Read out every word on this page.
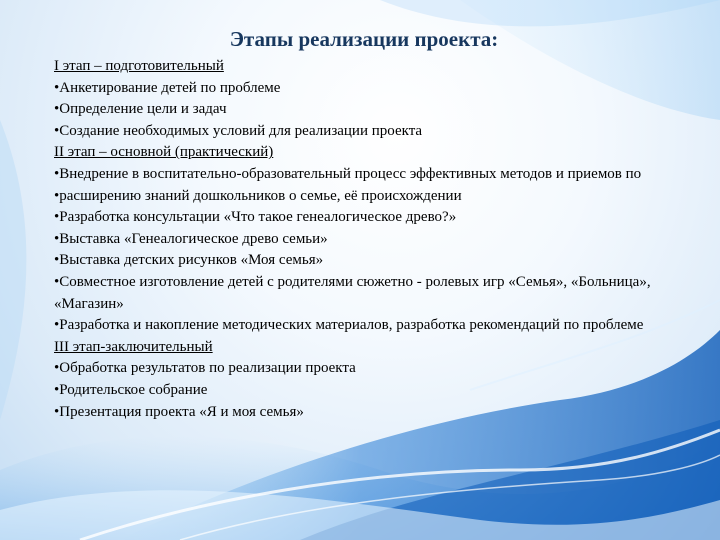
Этапы реализации проекта:
I этап – подготовительный
•Анкетирование детей по проблеме
•Определение цели и задач
•Создание необходимых условий для реализации проекта
II этап – основной (практический)
•Внедрение в воспитательно-образовательный процесс эффективных методов и приемов по
•расширению знаний дошкольников о семье, её происхождении
•Разработка консультации «Что такое генеалогическое древо?»
•Выставка «Генеалогическое древо семьи»
•Выставка детских рисунков «Моя семья»
•Совместное изготовление детей с родителями сюжетно - ролевых игр «Семья», «Больница», «Магазин»
•Разработка и накопление методических материалов, разработка рекомендаций по проблеме
III этап-заключительный
•Обработка результатов по реализации проекта
•Родительское собрание
•Презентация проекта «Я и моя семья»
